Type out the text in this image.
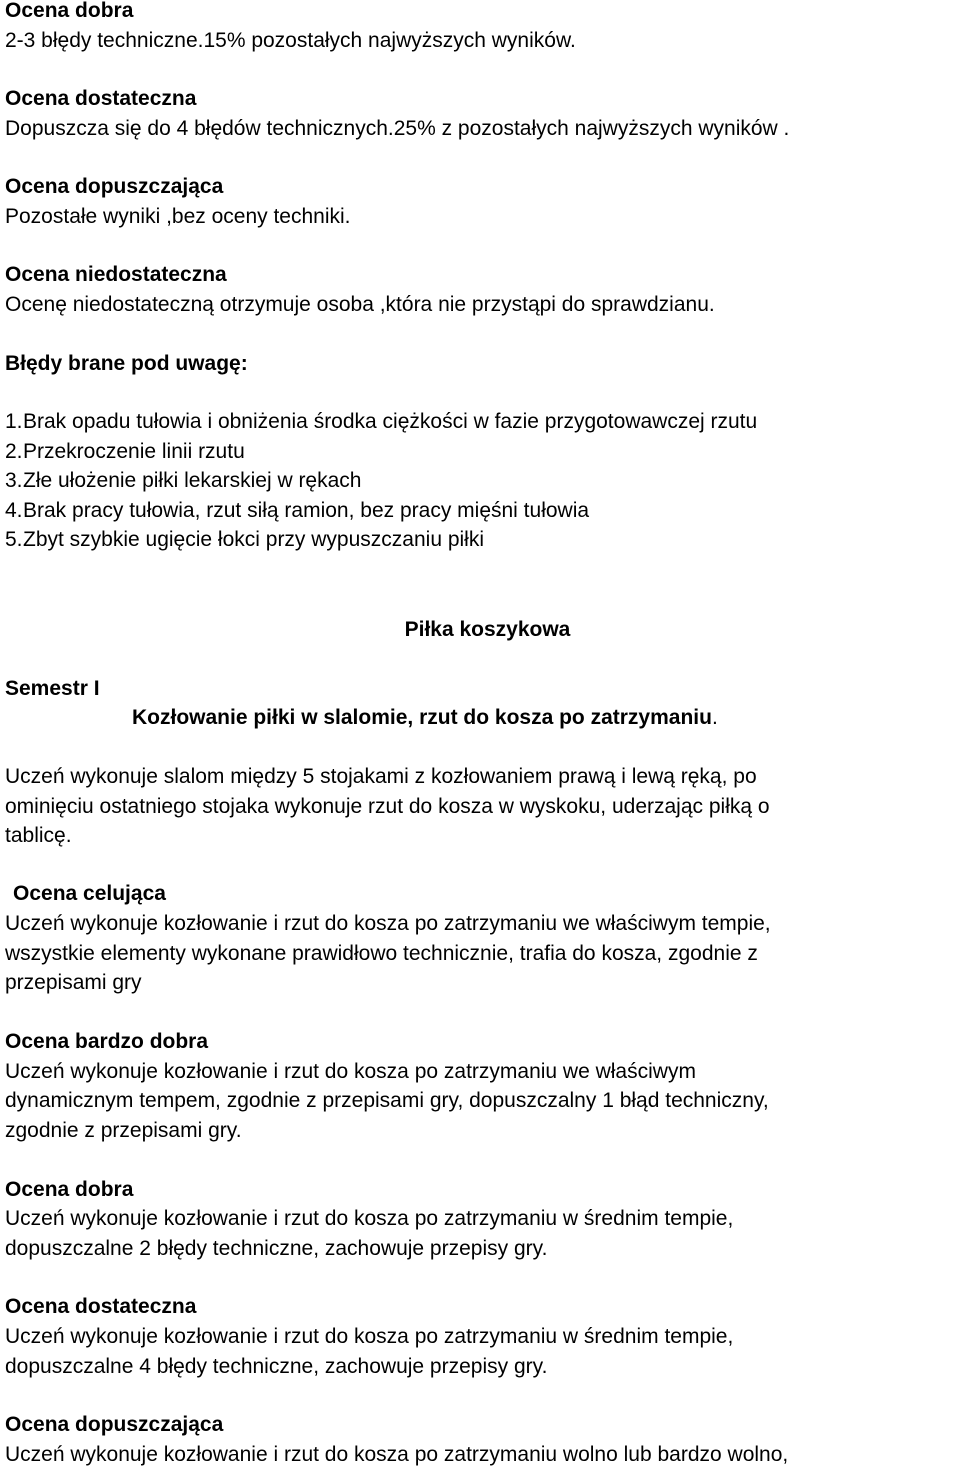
Ocena dobra
2-3 błędy techniczne.15% pozostałych najwyższych wyników.
Ocena dostateczna
Dopuszcza się do 4 błędów technicznych.25% z pozostałych najwyższych wyników .
Ocena dopuszczająca
Pozostałe wyniki ,bez oceny techniki.
Ocena niedostateczna
Ocenę niedostateczną otrzymuje osoba ,która nie przystąpi do sprawdzianu.
Błędy brane pod uwagę:
1.Brak opadu tułowia i obniżenia środka ciężkości w fazie przygotowawczej rzutu
2.Przekroczenie linii rzutu
3.Złe ułożenie piłki lekarskiej w rękach
4.Brak pracy tułowia, rzut siłą ramion, bez pracy mięśni tułowia
5.Zbyt szybkie ugięcie łokci przy wypuszczaniu piłki
Piłka koszykowa
Semestr I
Kozłowanie piłki w slalomie, rzut do kosza po zatrzymaniu.
Uczeń wykonuje slalom między 5 stojakami z kozłowaniem prawą i lewą ręką, po
ominięciu ostatniego stojaka wykonuje rzut do kosza w wyskoku, uderzając piłką o
tablicę.
Ocena celująca
Uczeń wykonuje kozłowanie i rzut do kosza po zatrzymaniu we właściwym tempie,
wszystkie elementy wykonane prawidłowo technicznie, trafia do kosza, zgodnie z
przepisami gry
Ocena bardzo dobra
Uczeń wykonuje kozłowanie i rzut do kosza po zatrzymaniu we właściwym
dynamicznym tempem, zgodnie z przepisami gry, dopuszczalny 1 błąd techniczny,
zgodnie z przepisami gry.
Ocena dobra
Uczeń wykonuje kozłowanie i rzut do kosza po zatrzymaniu w średnim tempie,
dopuszczalne 2 błędy techniczne, zachowuje przepisy gry.
Ocena dostateczna
Uczeń wykonuje kozłowanie i rzut do kosza po zatrzymaniu w średnim tempie,
dopuszczalne 4 błędy techniczne, zachowuje przepisy gry.
Ocena dopuszczająca
Uczeń wykonuje kozłowanie i rzut do kosza po zatrzymaniu wolno lub bardzo wolno,
